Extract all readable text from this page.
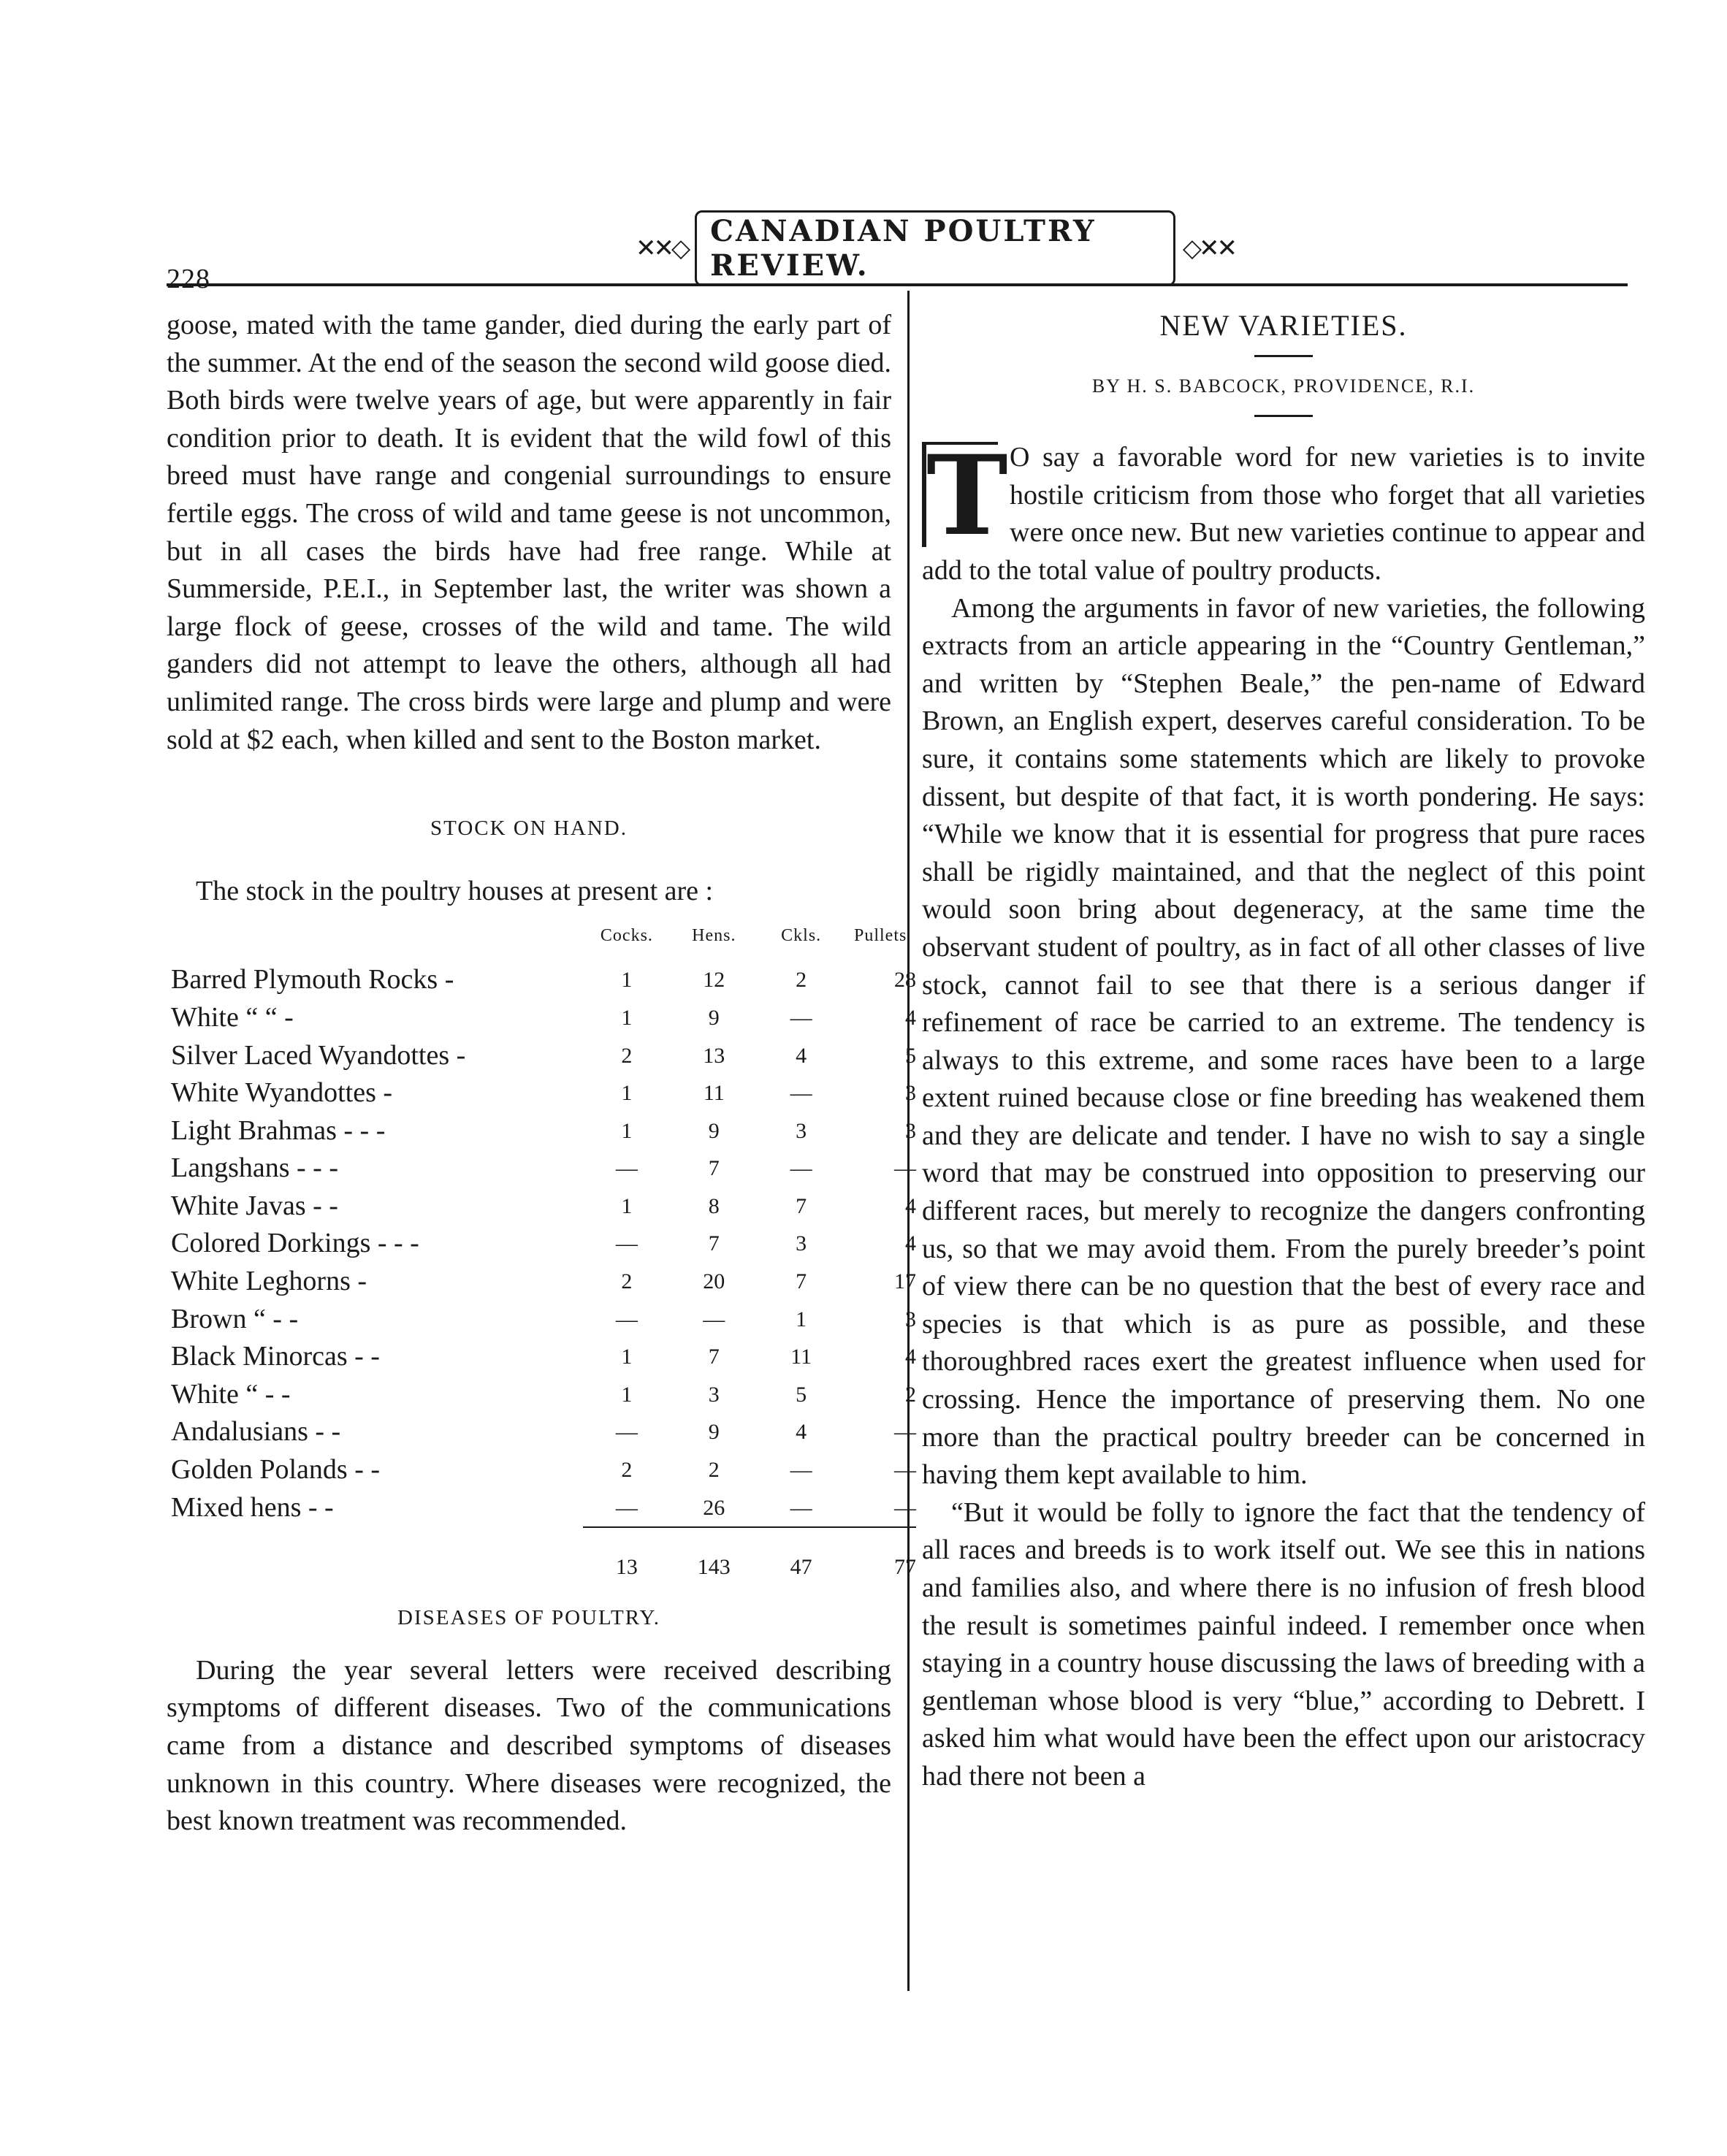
228
✕✕◇ CANADIAN POULTRY REVIEW.	◇✕✕

goose, mated with the tame gander, died during the early part of the summer. At the end of the season the second wild goose died. Both birds were twelve years of age, but were apparently in fair condition prior to death. It is evident that the wild fowl of this breed must have range and congenial surroundings to ensure fertile eggs. The cross of wild and tame geese is not uncommon, but in all cases the birds have had free range. While at Summerside, P.E.I., in September last, the writer was shown a large flock of geese, crosses of the wild and tame. The wild ganders did not attempt to leave the others, although all had unlimited range. The cross birds were large and plump and were sold at $2 each, when killed and sent to the Boston market.

STOCK ON HAND.

The stock in the poultry houses at present are :

	Cocks.	Hens.	Ckls.	Pullets
Barred Plymouth Rocks -	1	12	2	28
White “ “ -	1	9	—	4
Silver Laced Wyandottes -	2	13	4	5
White Wyandottes -	1	11	—	3
Light Brahmas - - -	1	9	3	3
Langshans - - -	—	7	—	—
White Javas - -	1	8	7	4
Colored Dorkings - - -	—	7	3	4
White Leghorns -	2	20	7	17
Brown “ - -	—	—	1	3
Black Minorcas - -	1	7	11	4
White “ - -	1	3	5	2
Andalusians - -	—	9	4	—
Golden Polands - -	2	2	—	—
Mixed hens - -	—	26	—	—

	13	143	47	77

DISEASES OF POULTRY.

During the year several letters were received describing symptoms of different diseases. Two of the communications came from a distance and described symptoms of diseases unknown in this country. Where diseases were recognized, the best known treatment was recommended.

NEW VARIETIES.

BY H. S. BABCOCK, PROVIDENCE, R.I.

T O say a favorable word for new varieties is to invite hostile criticism from those who forget that all varieties were once new. But new varieties continue to appear and add to the total value of poultry products.

Among the arguments in favor of new varieties, the following extracts from an article appearing in the “Country Gentleman,” and written by “Stephen Beale,” the pen-name of Edward Brown, an English expert, deserves careful consideration. To be sure, it contains some statements which are likely to provoke dissent, but despite of that fact, it is worth pondering. He says: “While we know that it is essential for progress that pure races shall be rigidly maintained, and that the neglect of this point would soon bring about degeneracy, at the same time the observant student of poultry, as in fact of all other classes of live stock, cannot fail to see that there is a serious danger if refinement of race be carried to an extreme. The tendency is always to this extreme, and some races have been to a large extent ruined because close or fine breeding has weakened them and they are delicate and tender. I have no wish to say a single word that may be construed into opposition to preserving our different races, but merely to recognize the dangers confronting us, so that we may avoid them. From the purely breeder’s point of view there can be no question that the best of every race and species is that which is as pure as possible, and these thoroughbred races exert the greatest influence when used for crossing. Hence the importance of preserving them. No one more than the practical poultry breeder can be concerned in having them kept available to him.

“But it would be folly to ignore the fact that the tendency of all races and breeds is to work itself out. We see this in nations and families also, and where there is no infusion of fresh blood the result is sometimes painful indeed. I remember once when staying in a country house discussing the laws of breeding with a gentleman whose blood is very “blue,” according to Debrett. I asked him what would have been the effect upon our aristocracy had there not been a
